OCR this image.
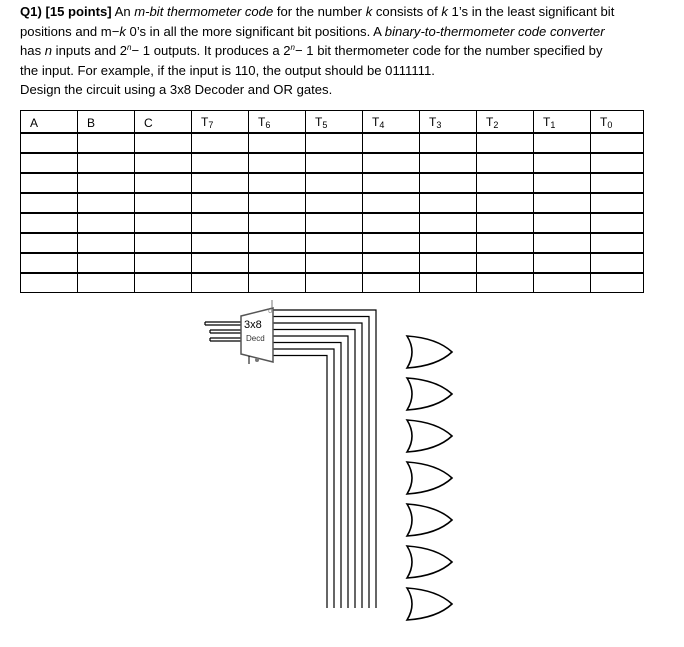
Q1) [15 points] An m-bit thermometer code for the number k consists of k 1’s in the least significant bit

positions and m−k 0’s in all the more significant bit positions. A binary-to-thermometer code converter

has n inputs and $2^n- 1$ outputs. It produces a $2^n- 1$ bit thermometer code for the number specified by

the input. For example, if the input is 110, the output should be 0111111.

Design the circuit using a 3x8 Decoder and OR gates.

A	B	C	T7	T6	T5	T4	T3	T2	T1	T0

U
3x8
Decd
